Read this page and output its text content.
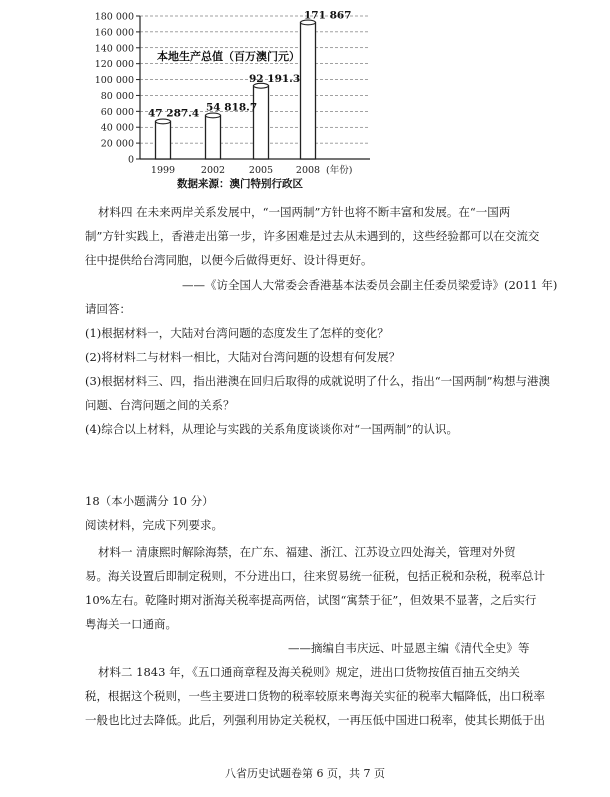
0
20 000
40 000
60 000
80 000
100 000
120 000
140 000
160 000
180 000
47 287.4
1999
54 818.7
2002
92 191.3
2005
171 867
2008 (年份)
本地生产总值（百万澳门元）
数据来源：澳门特别行政区
材料四 在未来两岸关系发展中，“一国两制”方针也将不断丰富和发展。在“一国两
制”方针实践上，香港走出第一步，许多困难是过去从未遇到的，这些经验都可以在交流交
往中提供给台湾同胞，以便今后做得更好、设计得更好。
——《访全国人大常委会香港基本法委员会副主任委员梁爱诗》(2011 年)
请回答：
(1)根据材料一，大陆对台湾问题的态度发生了怎样的变化？
(2)将材料二与材料一相比，大陆对台湾问题的设想有何发展？
(3)根据材料三、四，指出港澳在回归后取得的成就说明了什么，指出“一国两制”构想与港澳
问题、台湾问题之间的关系？
(4)综合以上材料，从理论与实践的关系角度谈谈你对“一国两制”的认识。
18（本小题满分 10 分）
阅读材料，完成下列要求。
材料一 清康熙时解除海禁，在广东、福建、浙江、江苏设立四处海关，管理对外贸
易。海关设置后即制定税则，不分进出口，往来贸易统一征税，包括正税和杂税，税率总计
10%左右。乾隆时期对浙海关税率提高两倍，试图“寓禁于征”，但效果不显著，之后实行
粤海关一口通商。
——摘编自韦庆远、叶显恩主编《清代全史》等
材料二 1843 年，《五口通商章程及海关税则》规定，进出口货物按值百抽五交纳关
税，根据这个税则，一些主要进口货物的税率较原来粤海关实征的税率大幅降低，出口税率
一般也比过去降低。此后，列强利用协定关税权，一再压低中国进口税率，使其长期低于出
八省历史试题卷第 6 页，共 7 页
